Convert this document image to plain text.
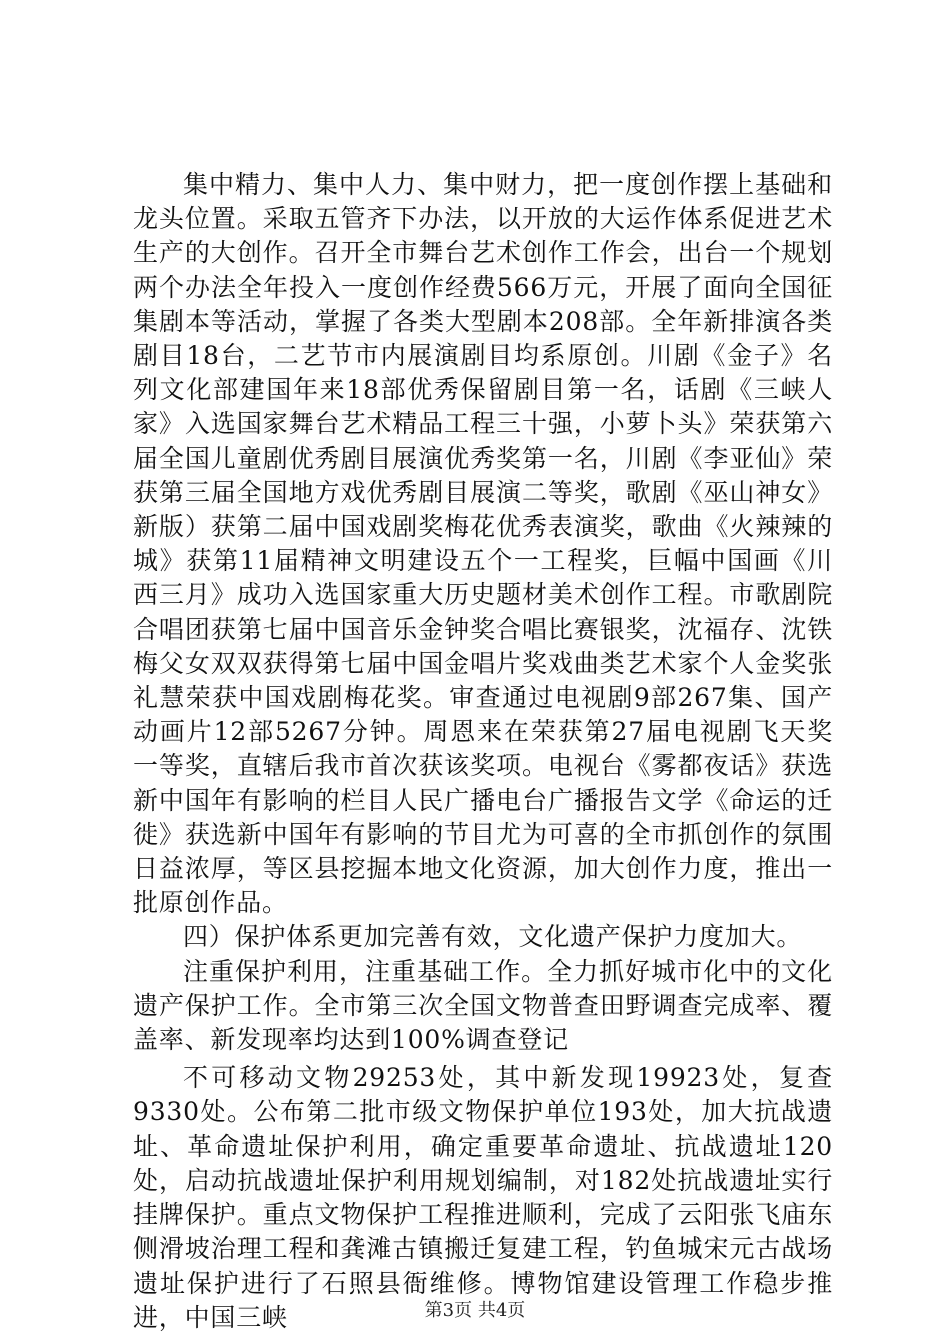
集中精力、集中人力、集中财力，把一度创作摆上基础和龙头位置。采取五管齐下办法，以开放的大运作体系促进艺术生产的大创作。召开全市舞台艺术创作工作会，出台一个规划两个办法全年投入一度创作经费566万元，开展了面向全国征集剧本等活动，掌握了各类大型剧本208部。全年新排演各类剧目18台，二艺节市内展演剧目均系原创。川剧《金子》名列文化部建国年来18部优秀保留剧目第一名，话剧《三峡人家》入选国家舞台艺术精品工程三十强，小萝卜头》荣获第六届全国儿童剧优秀剧目展演优秀奖第一名，川剧《李亚仙》荣获第三届全国地方戏优秀剧目展演二等奖，歌剧《巫山神女》新版）获第二届中国戏剧奖梅花优秀表演奖，歌曲《火辣辣的城》获第11届精神文明建设五个一工程奖，巨幅中国画《川西三月》成功入选国家重大历史题材美术创作工程。市歌剧院合唱团获第七届中国音乐金钟奖合唱比赛银奖，沈福存、沈铁梅父女双双获得第七届中国金唱片奖戏曲类艺术家个人金奖张礼慧荣获中国戏剧梅花奖。审查通过电视剧9部267集、国产动画片12部5267分钟。周恩来在荣获第27届电视剧飞天奖一等奖，直辖后我市首次获该奖项。电视台《雾都夜话》获选新中国年有影响的栏目人民广播电台广播报告文学《命运的迁徙》获选新中国年有影响的节目尤为可喜的全市抓创作的氛围日益浓厚，等区县挖掘本地文化资源，加大创作力度，推出一批原创作品。

四）保护体系更加完善有效，文化遗产保护力度加大。

注重保护利用，注重基础工作。全力抓好城市化中的文化遗产保护工作。全市第三次全国文物普查田野调查完成率、覆盖率、新发现率均达到100%调查登记

不可移动文物29253处，其中新发现19923处，复查9330处。公布第二批市级文物保护单位193处，加大抗战遗址、革命遗址保护利用，确定重要革命遗址、抗战遗址120处，启动抗战遗址保护利用规划编制，对182处抗战遗址实行挂牌保护。重点文物保护工程推进顺利，完成了云阳张飞庙东侧滑坡治理工程和龚滩古镇搬迁复建工程，钓鱼城宋元古战场遗址保护进行了石照县衙维修。博物馆建设管理工作稳步推进，中国三峡	第3页 共4页
